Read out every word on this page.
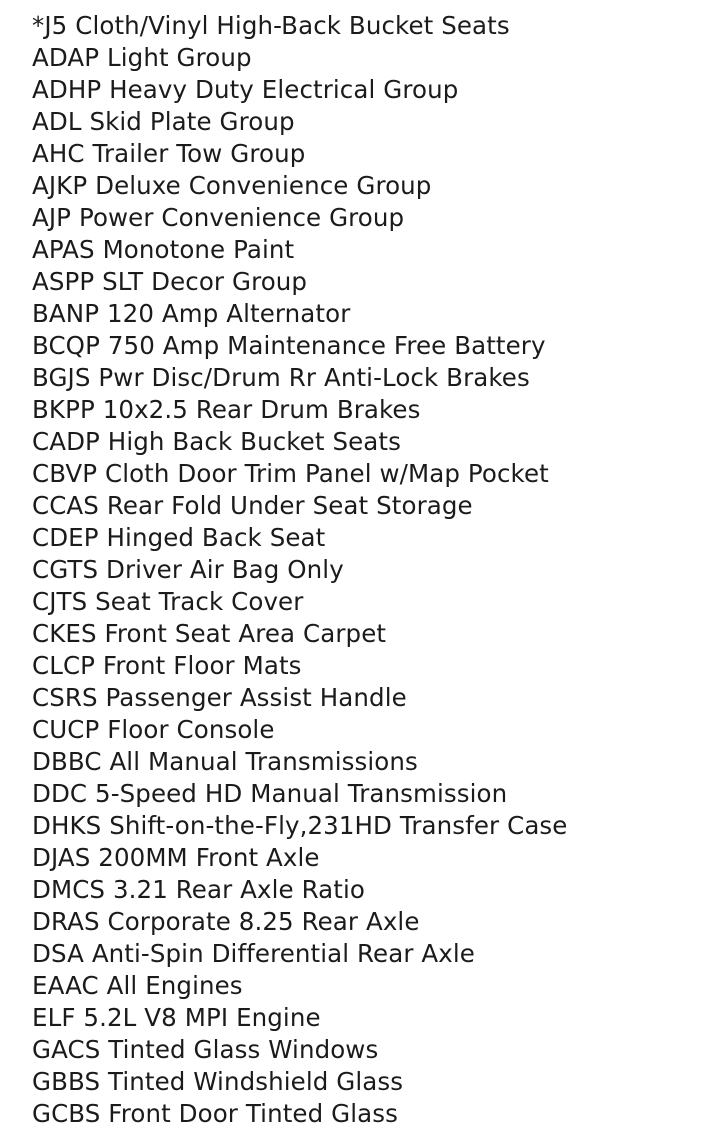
*J5 Cloth/Vinyl High-Back Bucket Seats
ADAP Light Group
ADHP Heavy Duty Electrical Group
ADL Skid Plate Group
AHC Trailer Tow Group
AJKP Deluxe Convenience Group
AJP Power Convenience Group
APAS Monotone Paint
ASPP SLT Decor Group
BANP 120 Amp Alternator
BCQP 750 Amp Maintenance Free Battery
BGJS Pwr Disc/Drum Rr Anti-Lock Brakes
BKPP 10x2.5 Rear Drum Brakes
CADP High Back Bucket Seats
CBVP Cloth Door Trim Panel w/Map Pocket
CCAS Rear Fold Under Seat Storage
CDEP Hinged Back Seat
CGTS Driver Air Bag Only
CJTS Seat Track Cover
CKES Front Seat Area Carpet
CLCP Front Floor Mats
CSRS Passenger Assist Handle
CUCP Floor Console
DBBC All Manual Transmissions
DDC 5-Speed HD Manual Transmission
DHKS Shift-on-the-Fly,231HD Transfer Case
DJAS 200MM Front Axle
DMCS 3.21 Rear Axle Ratio
DRAS Corporate 8.25 Rear Axle
DSA Anti-Spin Differential Rear Axle
EAAC All Engines
ELF 5.2L V8 MPI Engine
GACS Tinted Glass Windows
GBBS Tinted Windshield Glass
GCBS Front Door Tinted Glass
